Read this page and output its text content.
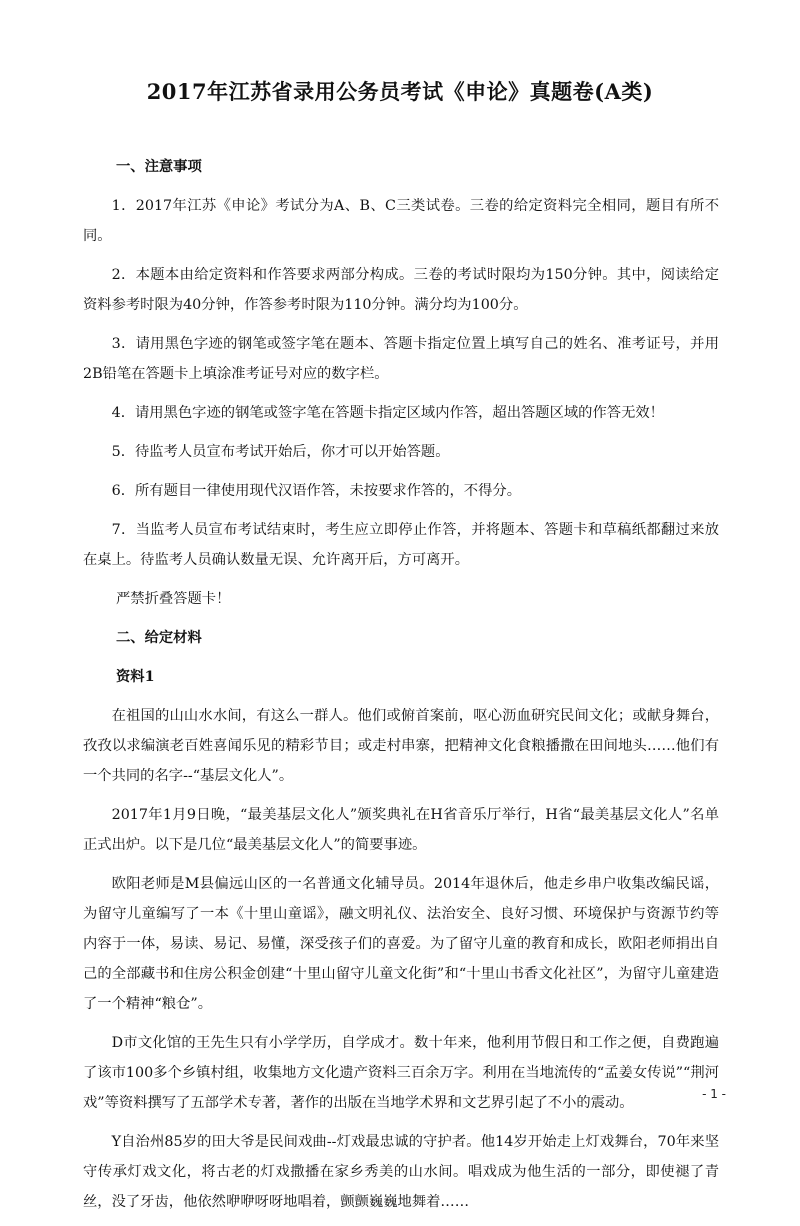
2017年江苏省录用公务员考试《申论》真题卷(A类)
一、注意事项
1．2017年江苏《申论》考试分为A、B、C三类试卷。三卷的给定资料完全相同，题目有所不同。
2．本题本由给定资料和作答要求两部分构成。三卷的考试时限均为150分钟。其中，阅读给定资料参考时限为40分钟，作答参考时限为110分钟。满分均为100分。
3．请用黑色字迹的钢笔或签字笔在题本、答题卡指定位置上填写自己的姓名、准考证号，并用2B铅笔在答题卡上填涂准考证号对应的数字栏。
4．请用黑色字迹的钢笔或签字笔在答题卡指定区域内作答，超出答题区域的作答无效！
5．待监考人员宣布考试开始后，你才可以开始答题。
6．所有题目一律使用现代汉语作答，未按要求作答的，不得分。
7．当监考人员宣布考试结束时，考生应立即停止作答，并将题本、答题卡和草稿纸都翻过来放在桌上。待监考人员确认数量无误、允许离开后，方可离开。
严禁折叠答题卡！
二、给定材料
资料1
在祖国的山山水水间，有这么一群人。他们或俯首案前，呕心沥血研究民间文化；或献身舞台，孜孜以求编演老百姓喜闻乐见的精彩节目；或走村串寨，把精神文化食粮播撒在田间地头……他们有一个共同的名字--“基层文化人”。
2017年1月9日晚，“最美基层文化人”颁奖典礼在H省音乐厅举行，H省“最美基层文化人”名单正式出炉。以下是几位“最美基层文化人”的简要事迹。
欧阳老师是M县偏远山区的一名普通文化辅导员。2014年退休后，他走乡串户收集改编民谣，为留守儿童编写了一本《十里山童谣》，融文明礼仪、法治安全、良好习惯、环境保护与资源节约等内容于一体，易读、易记、易懂，深受孩子们的喜爱。为了留守儿童的教育和成长，欧阳老师捐出自己的全部藏书和住房公积金创建“十里山留守儿童文化街”和“十里山书香文化社区”，为留守儿童建造了一个精神“粮仓”。
D市文化馆的王先生只有小学学历，自学成才。数十年来，他利用节假日和工作之便，自费跑遍了该市100多个乡镇村组，收集地方文化遗产资料三百余万字。利用在当地流传的“孟姜女传说”“荆河戏”等资料撰写了五部学术专著，著作的出版在当地学术界和文艺界引起了不小的震动。
Y自治州85岁的田大爷是民间戏曲--灯戏最忠诚的守护者。他14岁开始走上灯戏舞台，70年来坚守传承灯戏文化，将古老的灯戏撒播在家乡秀美的山水间。唱戏成为他生活的一部分，即使褪了青丝，没了牙齿，他依然咿咿呀呀地唱着，颤颤巍巍地舞着……
- 1 -
